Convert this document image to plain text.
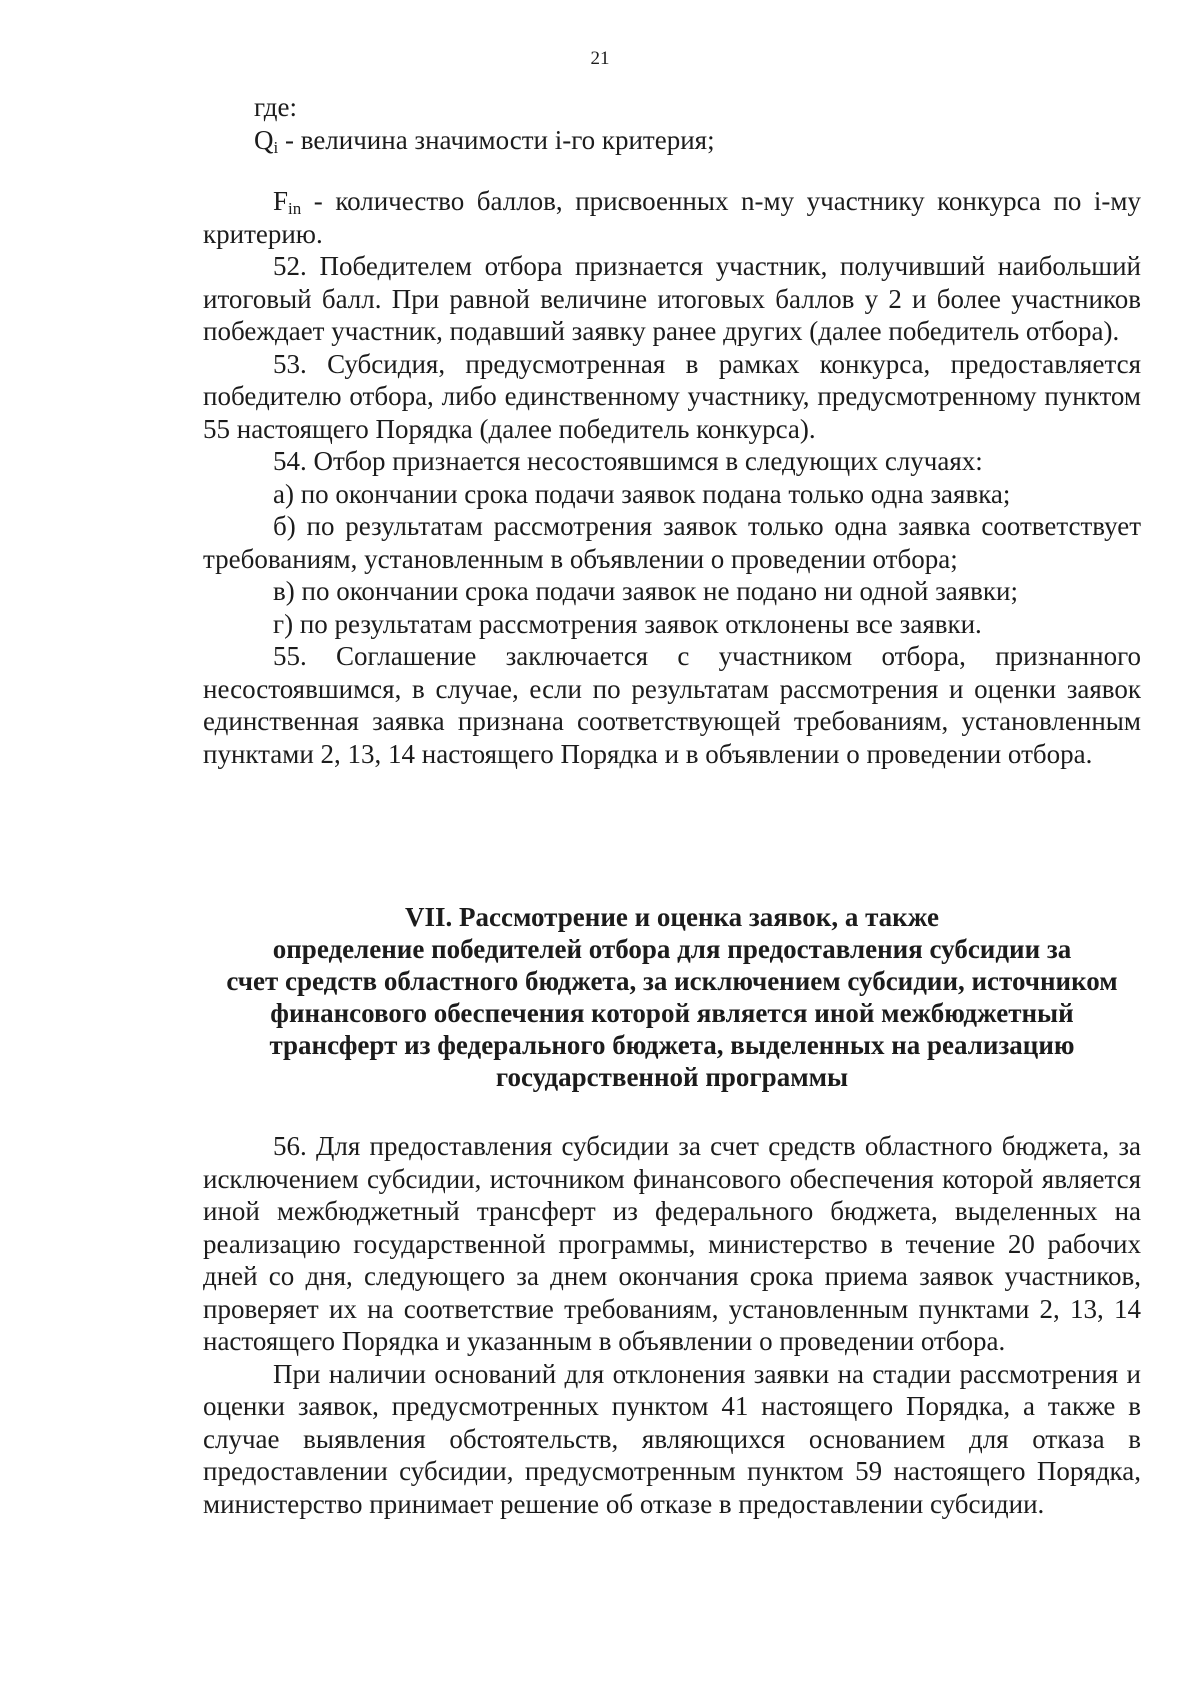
21

где:

$Q_i$ - величина значимости i-го критерия;

$F_{in}$ - количество баллов, присвоенных n-му участнику конкурса по i-му критерию.

52. Победителем отбора признается участник, получивший наибольший итоговый балл. При равной величине итоговых баллов у 2 и более участников побеждает участник, подавший заявку ранее других (далее победитель отбора).

53. Субсидия, предусмотренная в рамках конкурса, предоставляется победителю отбора, либо единственному участнику, предусмотренному пунктом 55 настоящего Порядка (далее победитель конкурса).

54. Отбор признается несостоявшимся в следующих случаях:

а) по окончании срока подачи заявок подана только одна заявка;

б) по результатам рассмотрения заявок только одна заявка соответствует требованиям, установленным в объявлении о проведении отбора;

в) по окончании срока подачи заявок не подано ни одной заявки;

г) по результатам рассмотрения заявок отклонены все заявки.

55. Соглашение заключается с участником отбора, признанного несостоявшимся, в случае, если по результатам рассмотрения и оценки заявок единственная заявка признана соответствующей требованиям, установленным пунктами 2, 13, 14 настоящего Порядка и в объявлении о проведении отбора.

VII. Рассмотрение и оценка заявок, а также
определение победителей отбора для предоставления субсидии за
счет средств областного бюджета, за исключением субсидии, источником
финансового обеспечения которой является иной межбюджетный
трансферт из федерального бюджета, выделенных на реализацию
государственной программы

56. Для предоставления субсидии за счет средств областного бюджета, за исключением субсидии, источником финансового обеспечения которой является иной межбюджетный трансферт из федерального бюджета, выделенных на реализацию государственной программы, министерство в течение 20 рабочих дней со дня, следующего за днем окончания срока приема заявок участников, проверяет их на соответствие требованиям, установленным пунктами 2, 13, 14 настоящего Порядка и указанным в объявлении о проведении отбора.

При наличии оснований для отклонения заявки на стадии рассмотрения и оценки заявок, предусмотренных пунктом 41 настоящего Порядка, а также в случае выявления обстоятельств, являющихся основанием для отказа в предоставлении субсидии, предусмотренным пунктом 59 настоящего Порядка, министерство принимает решение об отказе в предоставлении субсидии.
